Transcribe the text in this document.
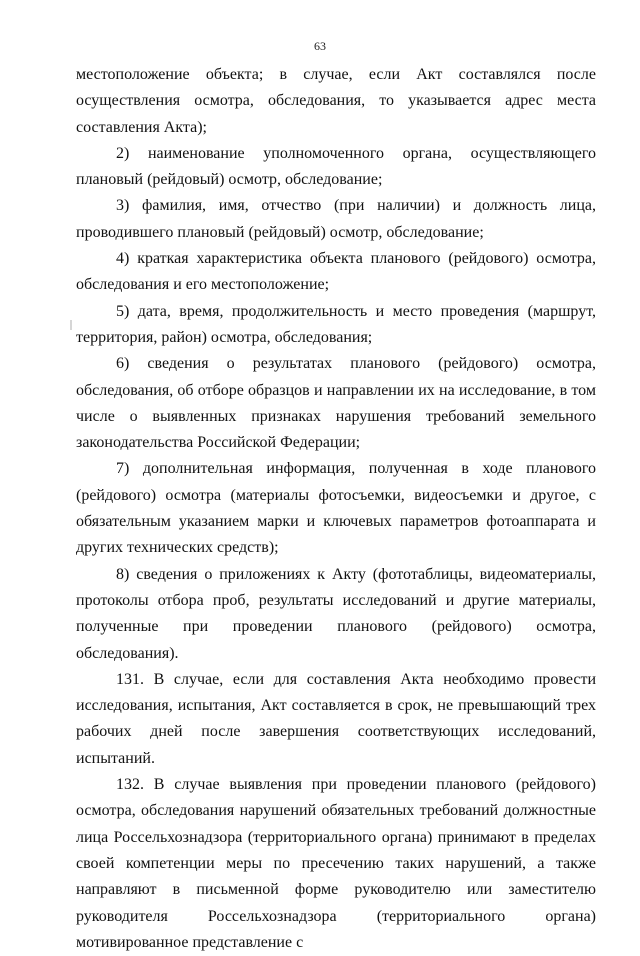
63

местоположение объекта; в случае, если Акт составлялся после осуществления осмотра, обследования, то указывается адрес места составления Акта);

2) наименование уполномоченного органа, осуществляющего плановый (рейдовый) осмотр, обследование;

3) фамилия, имя, отчество (при наличии) и должность лица, проводившего плановый (рейдовый) осмотр, обследование;

4) краткая характеристика объекта планового (рейдового) осмотра, обследования и его местоположение;

5) дата, время, продолжительность и место проведения (маршрут, территория, район) осмотра, обследования;

6) сведения о результатах планового (рейдового) осмотра, обследования, об отборе образцов и направлении их на исследование, в том числе о выявленных признаках нарушения требований земельного законодательства Российской Федерации;

7) дополнительная информация, полученная в ходе планового (рейдового) осмотра (материалы фотосъемки, видеосъемки и другое, с обязательным указанием марки и ключевых параметров фотоаппарата и других технических средств);

8) сведения о приложениях к Акту (фототаблицы, видеоматериалы, протоколы отбора проб, результаты исследований и другие материалы, полученные при проведении планового (рейдового) осмотра, обследования).

131. В случае, если для составления Акта необходимо провести исследования, испытания, Акт составляется в срок, не превышающий трех рабочих дней после завершения соответствующих исследований, испытаний.

132. В случае выявления при проведении планового (рейдового) осмотра, обследования нарушений обязательных требований должностные лица Россельхознадзора (территориального органа) принимают в пределах своей компетенции меры по пресечению таких нарушений, а также направляют в письменной форме руководителю или заместителю руководителя Россельхознадзора (территориального органа) мотивированное представление с
